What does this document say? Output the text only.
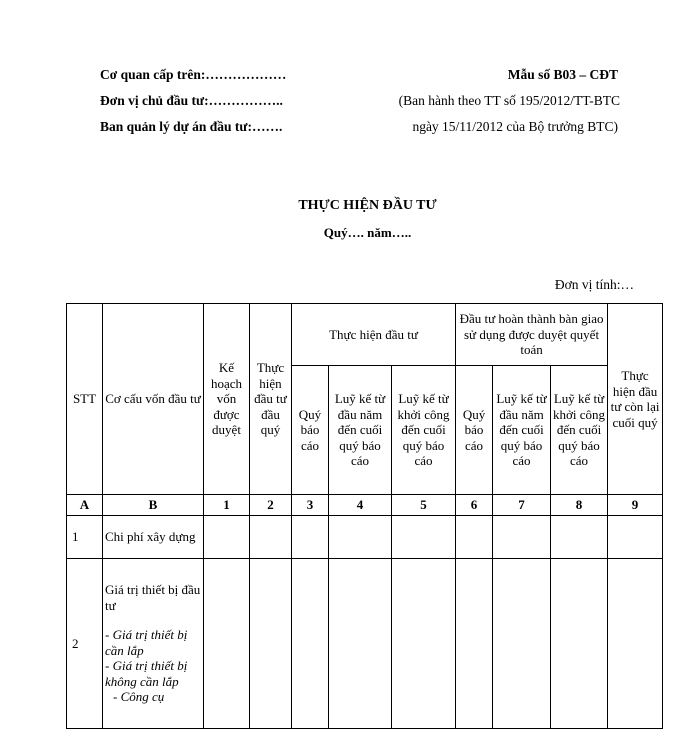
Cơ quan cấp trên:………………
Đơn vị chủ đầu tư:……………..
Ban quản lý dự án đầu tư:…….
Mẫu số B03 – CĐT
(Ban hành theo TT số 195/2012/TT-BTC
ngày 15/11/2012 của Bộ trưởng BTC)
THỰC HIỆN ĐẦU TƯ
Quý…. năm…..
Đơn vị tính:…
STT	Cơ cấu vốn đầu tư	Kế hoạch vốn được duyệt	Thực hiện đầu tư đầu quý	Thực hiện đầu tư			Đầu tư hoàn thành bàn giao sử dụng được duyệt quyết toán			Thực hiện đầu tư còn lại cuối quý
				Quý báo cáo	Luỹ kế từ đầu năm đến cuối quý báo cáo	Luỹ kế từ khởi công đến cuối quý báo cáo	Quý báo cáo	Luỹ kế từ đầu năm đến cuối quý báo cáo	Luỹ kế từ khởi công đến cuối quý báo cáo	
A	B	1	2	3	4	5	6	7	8	9
1	Chi phí xây dựng									
2	Giá trị thiết bị đầu tư
- Giá trị thiết bị cần lắp
- Giá trị thiết bị không cần lắp
- Công cụ									
